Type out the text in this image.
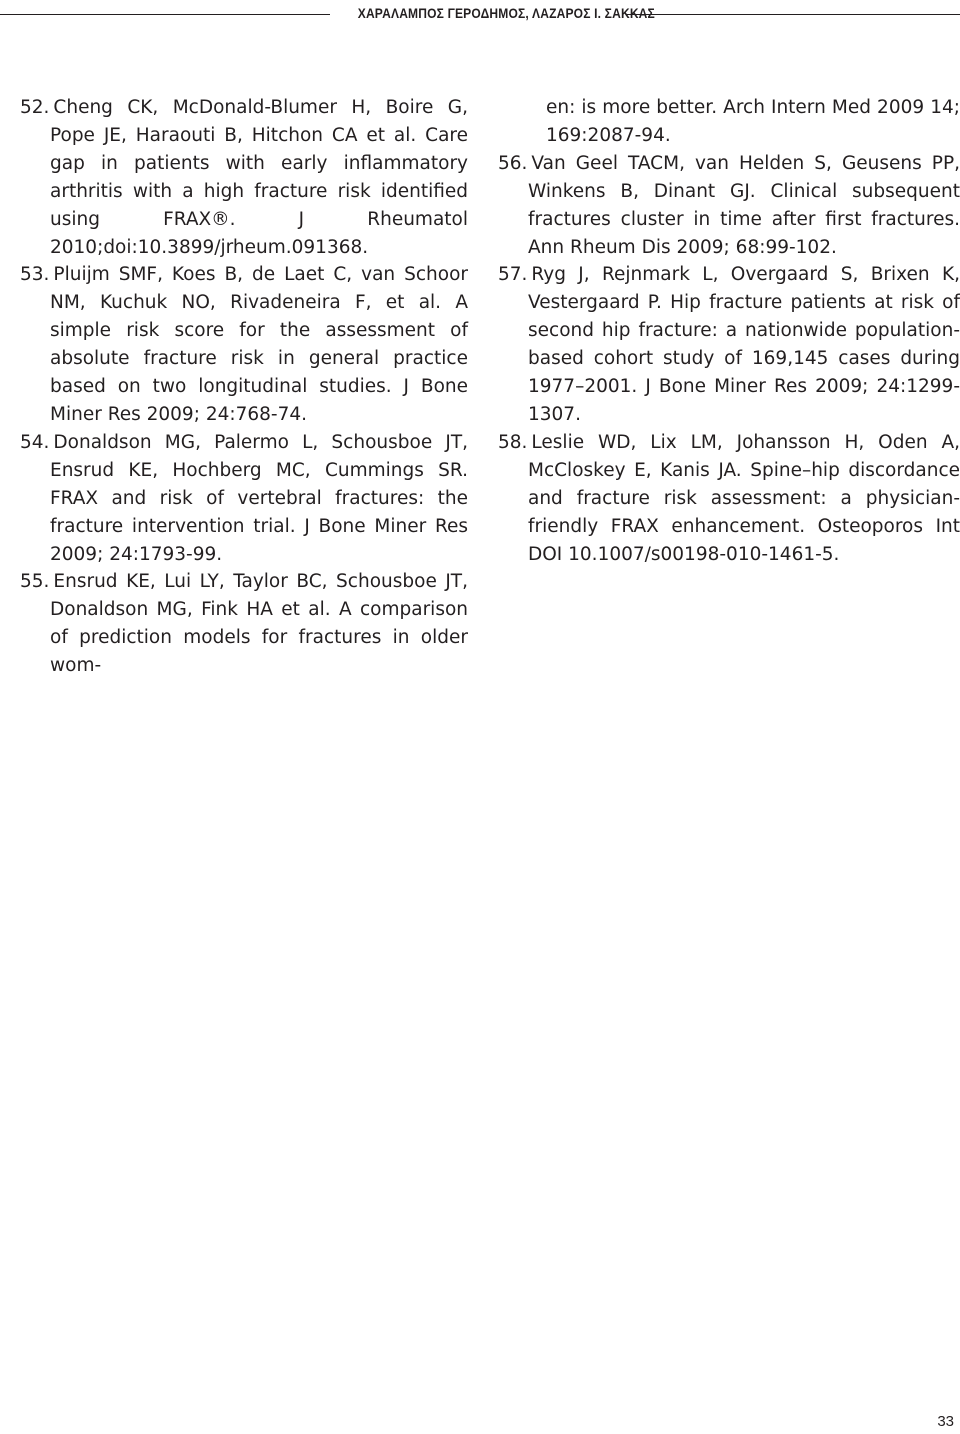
ΧΑΡΑΛΑΜΠΟΣ ΓΕΡΟΔΗΜΟΣ, ΛΑΖΑΡΟΣ Ι. ΣΑΚΚΑΣ

52. Cheng CK, McDonald-Blumer H, Boire G, Pope JE, Haraouti B, Hitchon CA et al. Care gap in patients with early inflammatory arthritis with a high fracture risk identified using FRAX®. J Rheumatol 2010;doi:10.3899/jrheum.091368.

53. Pluijm SMF, Koes B, de Laet C, van Schoor NM, Kuchuk NO, Rivadeneira F, et al. A simple risk score for the assessment of absolute fracture risk in general practice based on two longitudinal studies. J Bone Miner Res 2009; 24:768-74.

54. Donaldson MG, Palermo L, Schousboe JT, Ensrud KE, Hochberg MC, Cummings SR. FRAX and risk of vertebral fractures: the fracture intervention trial. J Bone Miner Res 2009; 24:1793-99.

55. Ensrud KE, Lui LY, Taylor BC, Schousboe JT, Donaldson MG, Fink HA et al. A comparison of prediction models for fractures in older wom-

en: is more better. Arch Intern Med 2009 14; 169:2087-94.

56. Van Geel TACM, van Helden S, Geusens PP, Winkens B, Dinant GJ. Clinical subsequent fractures cluster in time after first fractures. Ann Rheum Dis 2009; 68:99-102.

57. Ryg J, Rejnmark L, Overgaard S, Brixen K, Vestergaard P. Hip fracture patients at risk of second hip fracture: a nationwide population-based cohort study of 169,145 cases during 1977–2001. J Bone Miner Res 2009; 24:1299-1307.

58. Leslie WD, Lix LM, Johansson H, Oden A, McCloskey E, Kanis JA. Spine–hip discordance and fracture risk assessment: a physician-friendly FRAX enhancement. Osteoporos Int DOI 10.1007/s00198-010-1461-5.

33
